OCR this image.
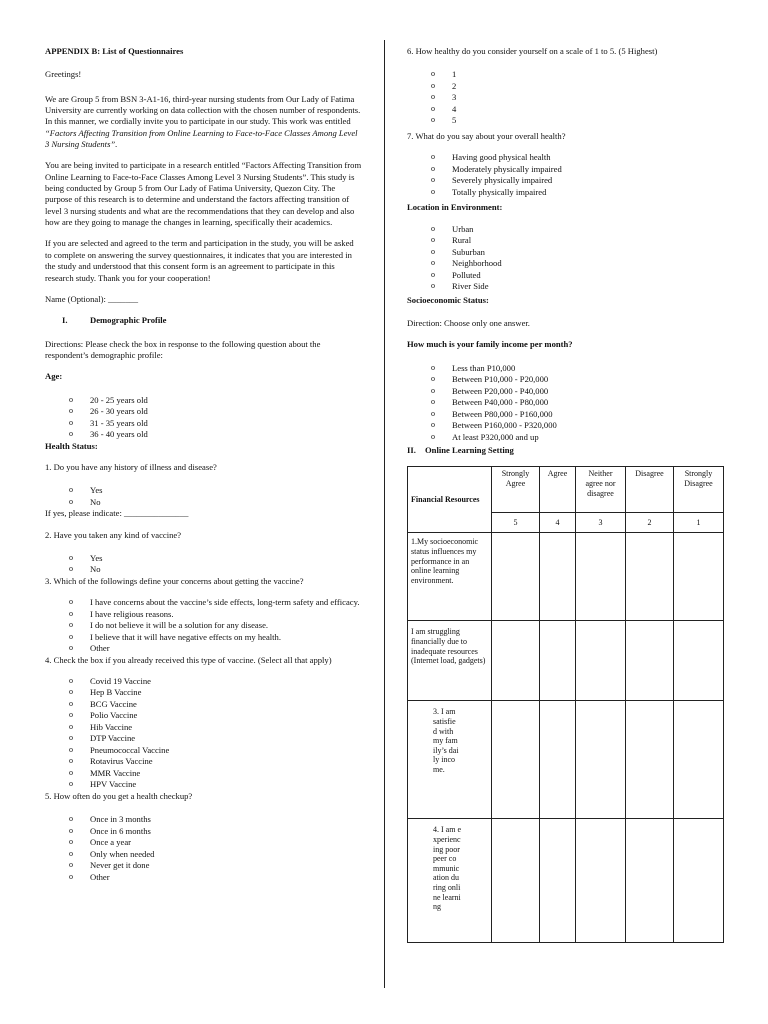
APPENDIX B: List of Questionnaires

Greetings!

We are Group 5 from BSN 3-A1-16, third-year nursing students from Our Lady of Fatima University are currently working on data collection with the chosen number of respondents. In this manner, we cordially invite you to participate in our study. This work was entitled “Factors Affecting Transition from Online Learning to Face-to-Face Classes Among Level 3 Nursing Students”.

You are being invited to participate in a research entitled “Factors Affecting Transition from Online Learning to Face-to-Face Classes Among Level 3 Nursing Students”. This study is being conducted by Group 5 from Our Lady of Fatima University, Quezon City. The purpose of this research is to determine and understand the factors affecting transition of level 3 nursing students and what are the recommendations that they can develop and also how are they going to manage the changes in learning, specifically their academics.

If you are selected and agreed to the term and participation in the study, you will be asked to complete on answering the survey questionnaires, it indicates that you are interested in the study and understood that this consent form is an agreement to participate in this research study. Thank you for your cooperation!

Name (Optional): _______

I.	Demographic Profile

Directions: Please check the box in response to the following question about the respondent’s demographic profile:

Age:

o 20 - 25 years old
o 26 - 30 years old
o 31 - 35 years old
o 36 - 40 years old

Health Status:

1. Do you have any history of illness and disease?

o Yes
o No

If yes, please indicate: _______________

2. Have you taken any kind of vaccine?

o Yes
o No

3. Which of the followings define your concerns about getting the vaccine?

o I have concerns about the vaccine’s side effects, long-term safety and efficacy.
o I have religious reasons.
o I do not believe it will be a solution for any disease.
o I believe that it will have negative effects on my health.
o Other

4. Check the box if you already received this type of vaccine. (Select all that apply)

o Covid 19 Vaccine
o Hep B Vaccine
o BCG Vaccine
o Polio Vaccine
o Hib Vaccine
o DTP Vaccine
o Pneumococcal Vaccine
o Rotavirus Vaccine
o MMR Vaccine
o HPV Vaccine

5. How often do you get a health checkup?

o Once in 3 months
o Once in 6 months
o Once a year
o Only when needed
o Never get it done
o Other

6. How healthy do you consider yourself on a scale of 1 to 5. (5 Highest)

o 1
o 2
o 3
o 4
o 5

7. What do you say about your overall health?

o Having good physical health
o Moderately physically impaired
o Severely physically impaired
o Totally physically impaired

Location in Environment:

o Urban
o Rural
o Suburban
o Neighborhood
o Polluted
o River Side

Socioeconomic Status:

Direction: Choose only one answer.

How much is your family income per month?

o Less than P10,000
o Between P10,000 - P20,000
o Between P20,000 - P40,000
o Between P40,000 - P80,000
o Between P80,000 - P160,000
o Between P160,000 - P320,000
o At least P320,000 and up
II.	Online Learning Setting
Financial Resources	Strongly Agree	Agree	Neither agree nor disagree	Disagree	Strongly Disagree
	5	4	3	2	1
1.My socioeconomic status influences my performance in an online learning environment.					
I am struggling financially due to inadequate resources (Internet load, gadgets)					

3. I am satisfied with my family’s daily income.					

4. I am experiencing poor peer communication during online learning					
